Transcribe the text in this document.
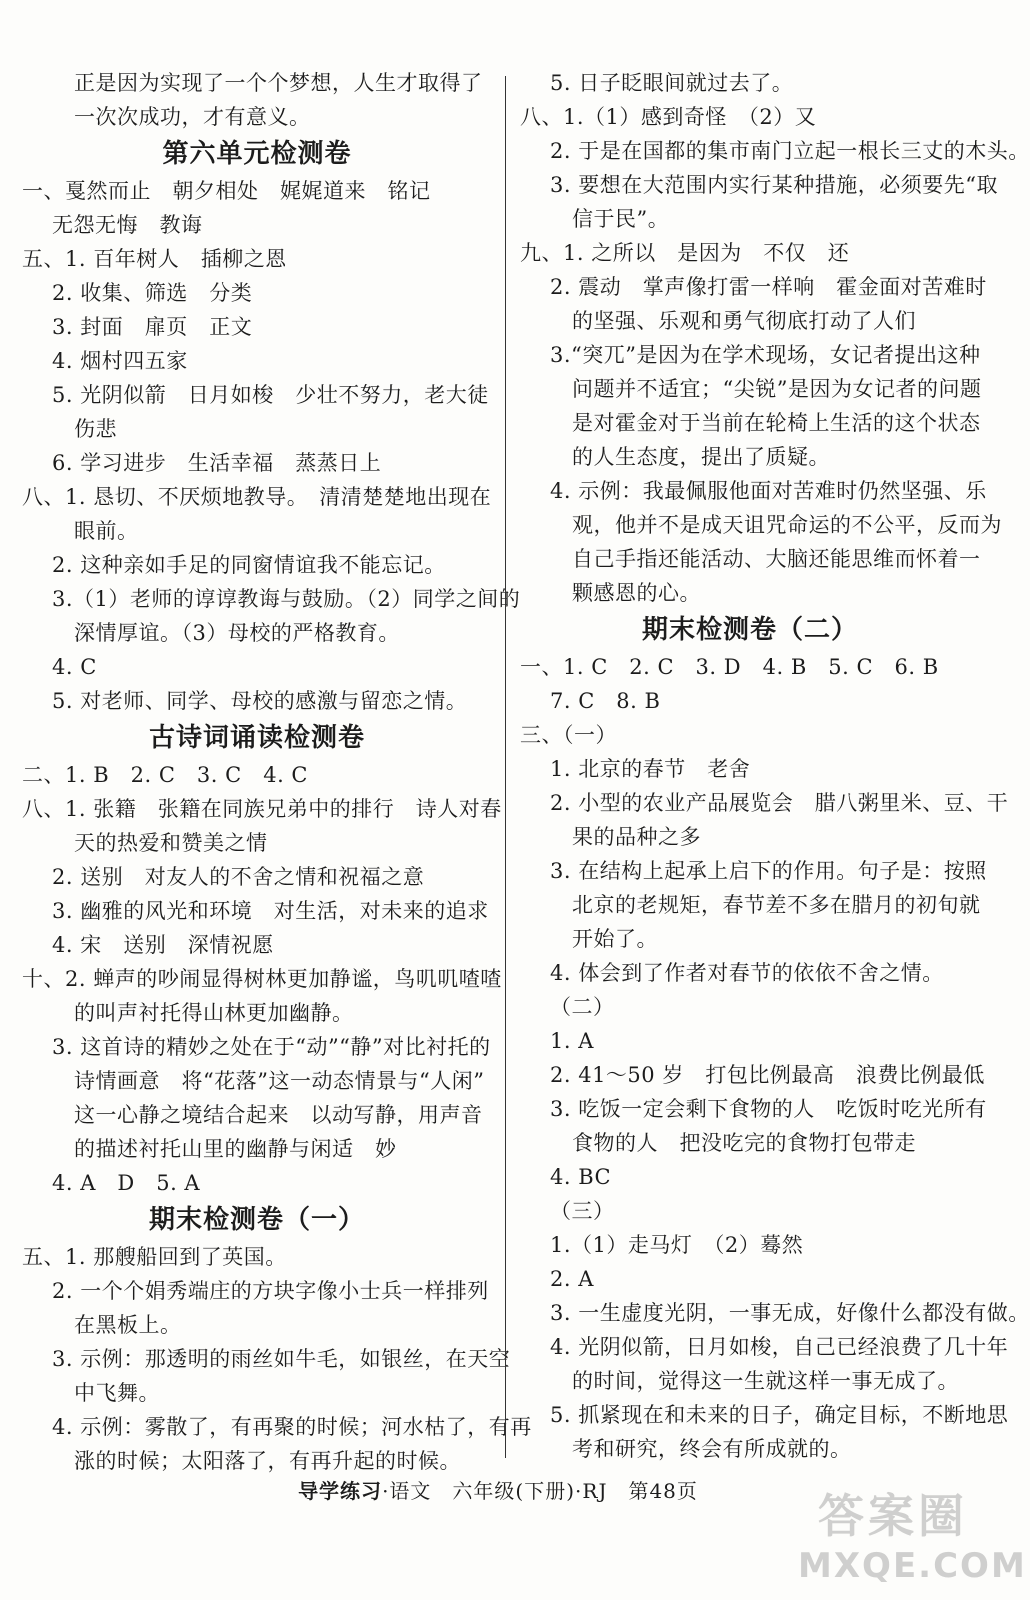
正是因为实现了一个个梦想，人生才取得了
一次次成功，才有意义。
第六单元检测卷
一、戛然而止　朝夕相处　娓娓道来　铭记
无怨无悔　教诲
五、1. 百年树人　插柳之恩
2. 收集、筛选　分类
3. 封面　扉页　正文
4. 烟村四五家
5. 光阴似箭　日月如梭　少壮不努力，老大徒
伤悲
6. 学习进步　生活幸福　蒸蒸日上
八、1. 恳切、不厌烦地教导。　清清楚楚地出现在
眼前。
2. 这种亲如手足的同窗情谊我不能忘记。
3.（1）老师的谆谆教诲与鼓励。（2）同学之间的
深情厚谊。（3）母校的严格教育。
4. C
5. 对老师、同学、母校的感激与留恋之情。
古诗词诵读检测卷
二、1. B　2. C　3. C　4. C
八、1. 张籍　张籍在同族兄弟中的排行　诗人对春
天的热爱和赞美之情
2. 送别　对友人的不舍之情和祝福之意
3. 幽雅的风光和环境　对生活，对未来的追求
4. 宋　送别　深情祝愿
十、2. 蝉声的吵闹显得树林更加静谧，鸟叽叽喳喳
的叫声衬托得山林更加幽静。
3. 这首诗的精妙之处在于“动”“静”对比衬托的
诗情画意　将“花落”这一动态情景与“人闲”
这一心静之境结合起来　以动写静，用声音
的描述衬托山里的幽静与闲适　妙
4. A　D　5. A
期末检测卷（一）
五、1. 那艘船回到了英国。
2. 一个个娟秀端庄的方块字像小士兵一样排列
在黑板上。
3. 示例：那透明的雨丝如牛毛，如银丝，在天空
中飞舞。
4. 示例：雾散了，有再聚的时候；河水枯了，有再
涨的时候；太阳落了，有再升起的时候。
5. 日子眨眼间就过去了。
八、1.（1）感到奇怪　（2）又
2. 于是在国都的集市南门立起一根长三丈的木头。
3. 要想在大范围内实行某种措施，必须要先“取
信于民”。
九、1. 之所以　是因为　不仅　还
2. 震动　掌声像打雷一样响　霍金面对苦难时
的坚强、乐观和勇气彻底打动了人们
3.“突兀”是因为在学术现场，女记者提出这种
问题并不适宜；“尖锐”是因为女记者的问题
是对霍金对于当前在轮椅上生活的这个状态
的人生态度，提出了质疑。
4. 示例：我最佩服他面对苦难时仍然坚强、乐
观，他并不是成天诅咒命运的不公平，反而为
自己手指还能活动、大脑还能思维而怀着一
颗感恩的心。
期末检测卷（二）
一、1. C　2. C　3. D　4. B　5. C　6. B
7. C　8. B
三、（一）
1. 北京的春节　老舍
2. 小型的农业产品展览会　腊八粥里米、豆、干
果的品种之多
3. 在结构上起承上启下的作用。句子是：按照
北京的老规矩，春节差不多在腊月的初旬就
开始了。
4. 体会到了作者对春节的依依不舍之情。
（二）
1. A
2. 41～50 岁　打包比例最高　浪费比例最低
3. 吃饭一定会剩下食物的人　吃饭时吃光所有
食物的人　把没吃完的食物打包带走
4. BC
（三）
1.（1）走马灯　（2）蓦然
2. A
3. 一生虚度光阴，一事无成，好像什么都没有做。
4. 光阴似箭，日月如梭，自己已经浪费了几十年
的时间，觉得这一生就这样一事无成了。
5. 抓紧现在和未来的日子，确定目标，不断地思
考和研究，终会有所成就的。
导学练习·语文　六年级(下册)·RJ　第48页	答案圈
MXQE.COM
